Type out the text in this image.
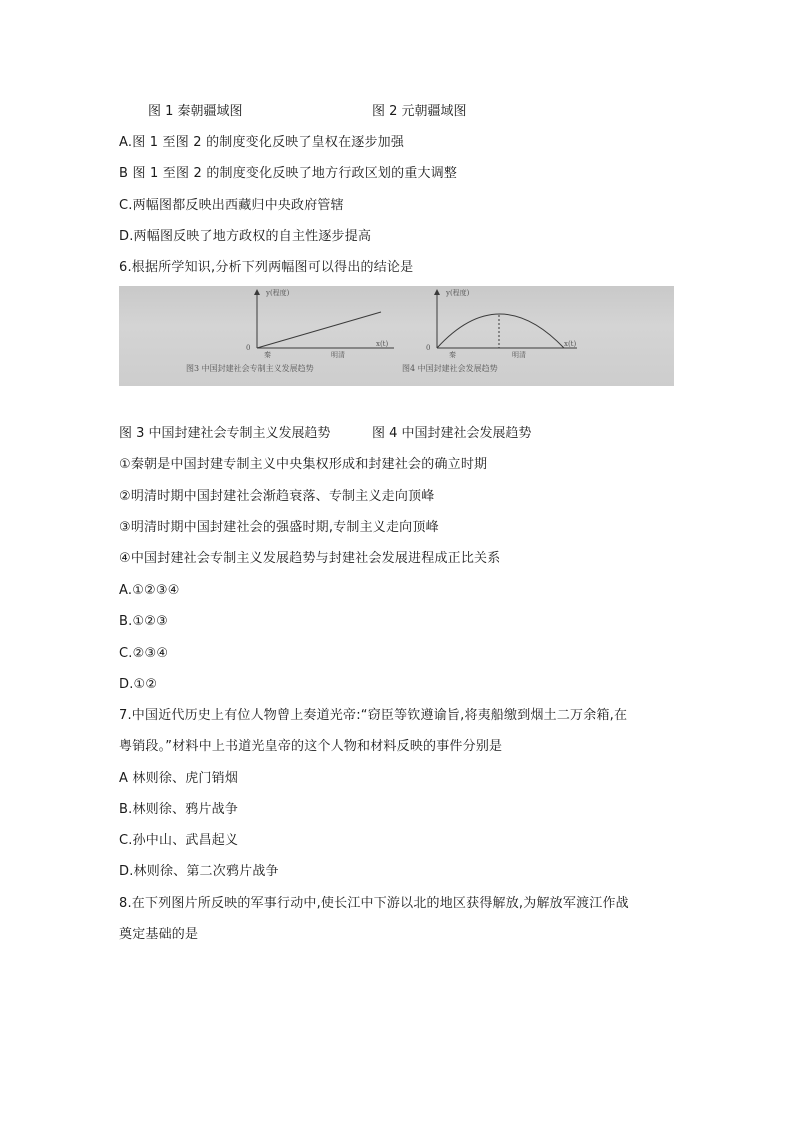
图 1 秦朝疆域图	图 2 元朝疆域图
A.图 1 至图 2 的制度变化反映了皇权在逐步加强
B 图 1 至图 2 的制度变化反映了地方行政区划的重大调整
C.两幅图都反映出西藏归中央政府管辖
D.两幅图反映了地方政权的自主性逐步提高
6.根据所学知识,分析下列两幅图可以得出的结论是
y(程度)
x(t)
0
秦	明清
图3 中国封建社会专制主义发展趋势
y(程度)
x(t)
0
秦	明清
图4 中国封建社会发展趋势
图 3 中国封建社会专制主义发展趋势	图 4 中国封建社会发展趋势
①秦朝是中国封建专制主义中央集权形成和封建社会的确立时期
②明清时期中国封建社会渐趋衰落、专制主义走向顶峰
③明清时期中国封建社会的强盛时期,专制主义走向顶峰
④中国封建社会专制主义发展趋势与封建社会发展进程成正比关系
A.①②③④
B.①②③
C.②③④
D.①②
7.中国近代历史上有位人物曾上奏道光帝:“窃臣等钦遵谕旨,将夷船缴到烟土二万余箱,在
粤销段。”材料中上书道光皇帝的这个人物和材料反映的事件分别是
A 林则徐、虎门销烟
B.林则徐、鸦片战争
C.孙中山、武昌起义
D.林则徐、第二次鸦片战争
8.在下列图片所反映的军事行动中,使长江中下游以北的地区获得解放,为解放军渡江作战
奠定基础的是
